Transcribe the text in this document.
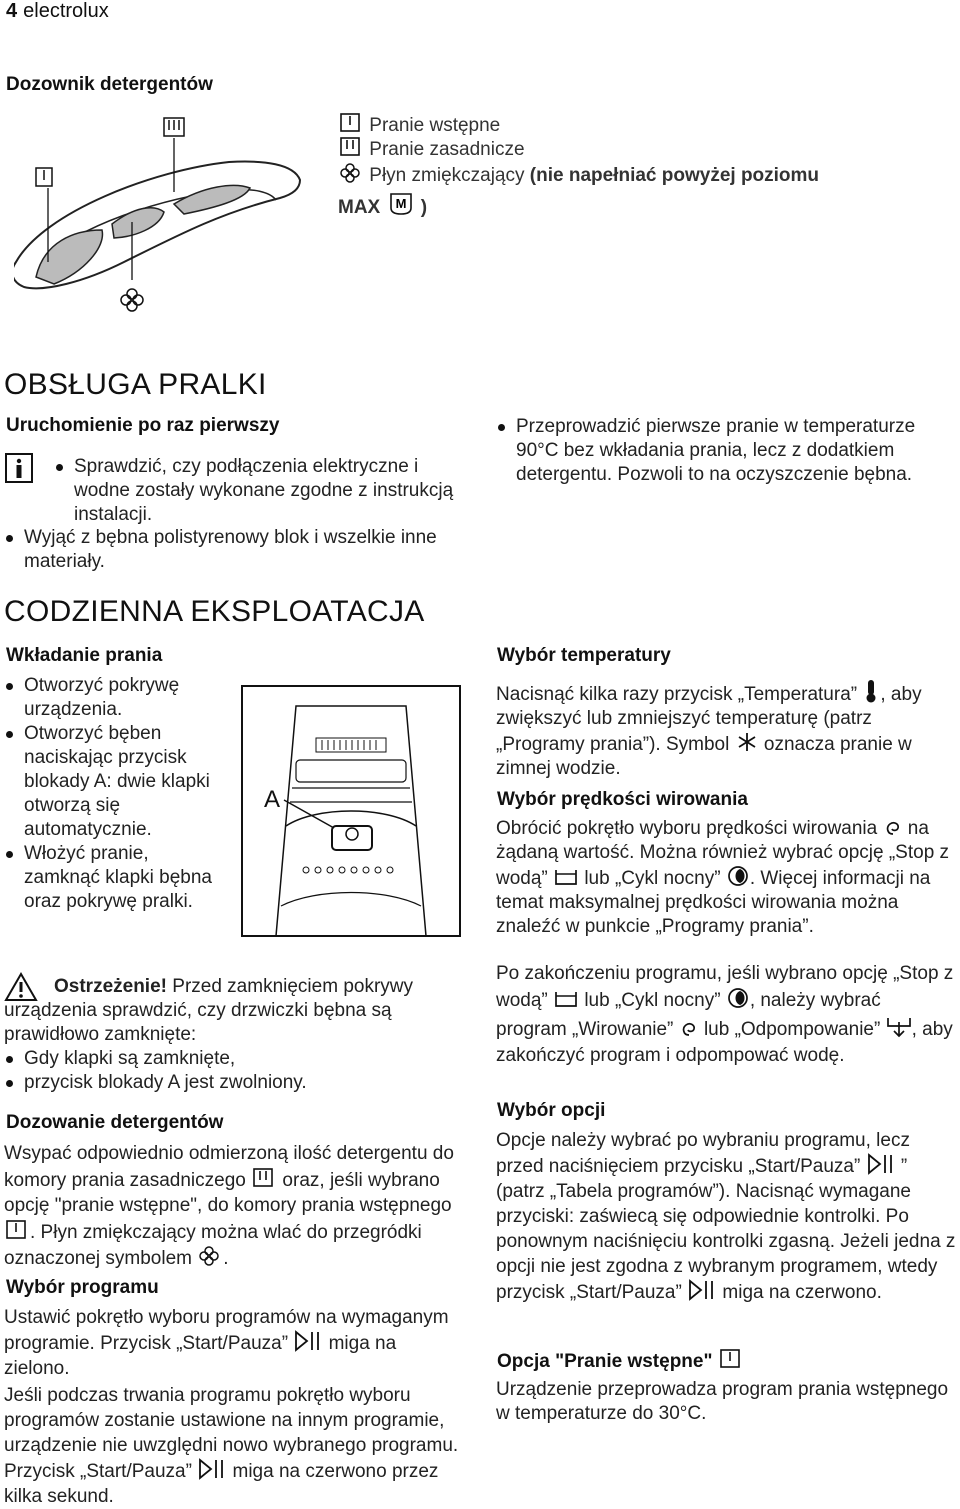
4 electrolux
Dozownik detergentów
Pranie wstępne
Pranie zasadnicze
Płyn zmiękczający (nie napełniać powyżej poziomu
MAX M )
OBSŁUGA PRALKI
Uruchomienie po raz pierwszy
Sprawdzić, czy podłączenia elektryczne i wodne zostały wykonane zgodne z instrukcją instalacji.
Wyjąć z bębna polistyrenowy blok i wszelkie inne materiały.
Przeprowadzić pierwsze pranie w temperaturze 90°C bez wkładania prania, lecz z dodatkiem detergentu. Pozwoli to na oczyszczenie bębna.
CODZIENNA EKSPLOATACJA
Wkładanie prania
Otworzyć pokrywę urządzenia.
Otworzyć bęben naciskając przycisk blokady A: dwie klapki otworzą się automatycznie.
Włożyć pranie, zamknąć klapki bębna oraz pokrywę pralki.
A
Ostrzeżenie! Przed zamknięciem pokrywy urządzenia sprawdzić, czy drzwiczki bębna są prawidłowo zamknięte:
Gdy klapki są zamknięte,
przycisk blokady A jest zwolniony.
Dozowanie detergentów
Wsypać odpowiednio odmierzoną ilość detergentu do komory prania zasadniczego oraz, jeśli wybrano opcję "pranie wstępne", do komory prania wstępnego . Płyn zmiękczający można wlać do przegródki oznaczonej symbolem .
Wybór programu
Ustawić pokrętło wyboru programów na wymaganym programie. Przycisk „Start/Pauza” miga na zielono.
Jeśli podczas trwania programu pokrętło wyboru programów zostanie ustawione na innym programie, urządzenie nie uwzględni nowo wybranego programu. Przycisk „Start/Pauza” miga na czerwono przez kilka sekund.
Wybór temperatury
Nacisnąć kilka razy przycisk „Temperatura” , aby zwiększyć lub zmniejszyć temperaturę (patrz „Programy prania”). Symbol oznacza pranie w zimnej wodzie.
Wybór prędkości wirowania
Obrócić pokrętło wyboru prędkości wirowania na żądaną wartość. Można również wybrać opcję „Stop z wodą” lub „Cykl nocny” . Więcej informacji na temat maksymalnej prędkości wirowania można znaleźć w punkcie „Programy prania”.
Po zakończeniu programu, jeśli wybrano opcję „Stop z wodą” lub „Cykl nocny” , należy wybrać program „Wirowanie” lub „Odpompowanie” , aby zakończyć program i odpompować wodę.
Wybór opcji
Opcje należy wybrać po wybraniu programu, lecz przed naciśnięciem przycisku „Start/Pauza” ” (patrz „Tabela programów”). Nacisnąć wymagane przyciski: zaświecą się odpowiednie kontrolki. Po ponownym naciśnięciu kontrolki zgasną. Jeżeli jedna z opcji nie jest zgodna z wybranym programem, wtedy przycisk „Start/Pauza” miga na czerwono.
Opcja "Pranie wstępne"
Urządzenie przeprowadza program prania wstępnego w temperaturze do 30°C.
